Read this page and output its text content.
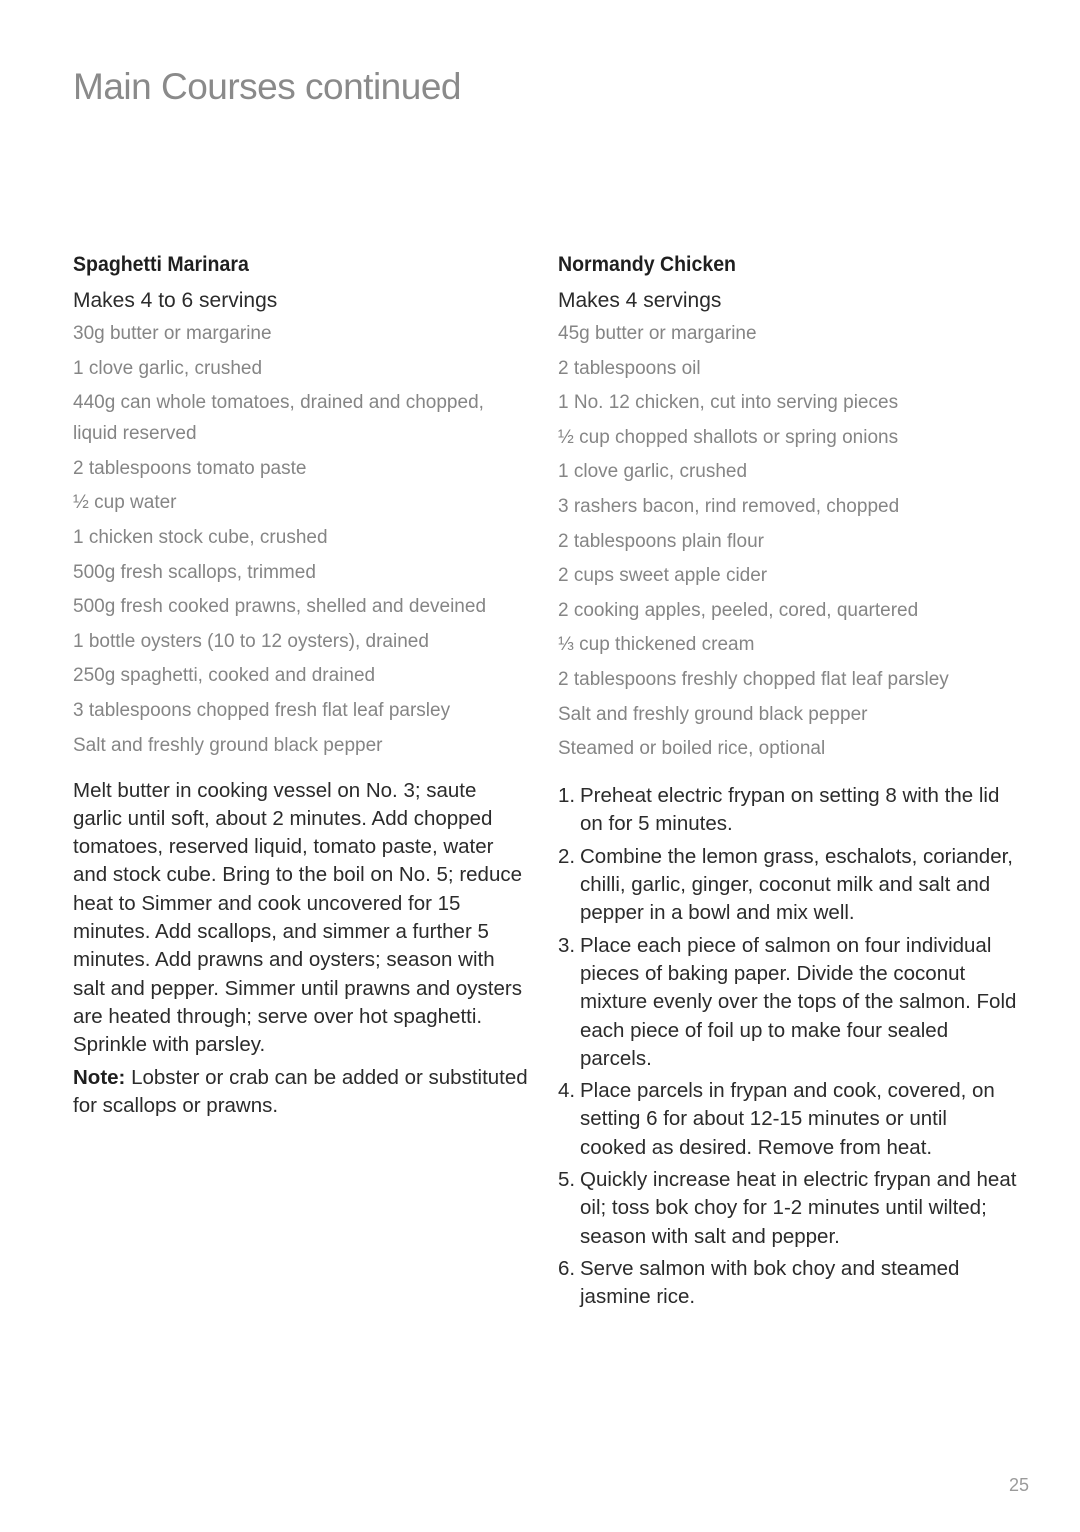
Main Courses continued
Spaghetti Marinara

Makes 4 to 6 servings

30g butter or margarine
1 clove garlic, crushed
440g can whole tomatoes, drained and chopped, liquid reserved
2 tablespoons tomato paste
½ cup water
1 chicken stock cube, crushed
500g fresh scallops, trimmed
500g fresh cooked prawns, shelled and deveined
1 bottle oysters (10 to 12 oysters), drained
250g spaghetti, cooked and drained
3 tablespoons chopped fresh flat leaf parsley
Salt and freshly ground black pepper

Melt butter in cooking vessel on No. 3; saute garlic until soft, about 2 minutes. Add chopped tomatoes, reserved liquid, tomato paste, water and stock cube. Bring to the boil on No. 5; reduce heat to Simmer and cook uncovered for 15 minutes. Add scallops, and simmer a further 5 minutes. Add prawns and oysters; season with salt and pepper. Simmer until prawns and oysters are heated through; serve over hot spaghetti. Sprinkle with parsley.

Note: Lobster or crab can be added or substituted for scallops or prawns.

Normandy Chicken

Makes 4 servings

45g butter or margarine
2 tablespoons oil
1 No. 12 chicken, cut into serving pieces
½ cup chopped shallots or spring onions
1 clove garlic, crushed
3 rashers bacon, rind removed, chopped
2 tablespoons plain flour
2 cups sweet apple cider
2 cooking apples, peeled, cored, quartered
⅓ cup thickened cream
2 tablespoons freshly chopped flat leaf parsley
Salt and freshly ground black pepper
Steamed or boiled rice, optional
1. Preheat electric frypan on setting 8 with the lid on for 5 minutes.
2. Combine the lemon grass, eschalots, coriander, chilli, garlic, ginger, coconut milk and salt and pepper in a bowl and mix well.
3. Place each piece of salmon on four individual pieces of baking paper. Divide the coconut mixture evenly over the tops of the salmon. Fold each piece of foil up to make four sealed parcels.
4. Place parcels in frypan and cook, covered, on setting 6 for about 12-15 minutes or until cooked as desired. Remove from heat.
5. Quickly increase heat in electric frypan and heat oil; toss bok choy for 1-2 minutes until wilted; season with salt and pepper.
6. Serve salmon with bok choy and steamed jasmine rice.
25
